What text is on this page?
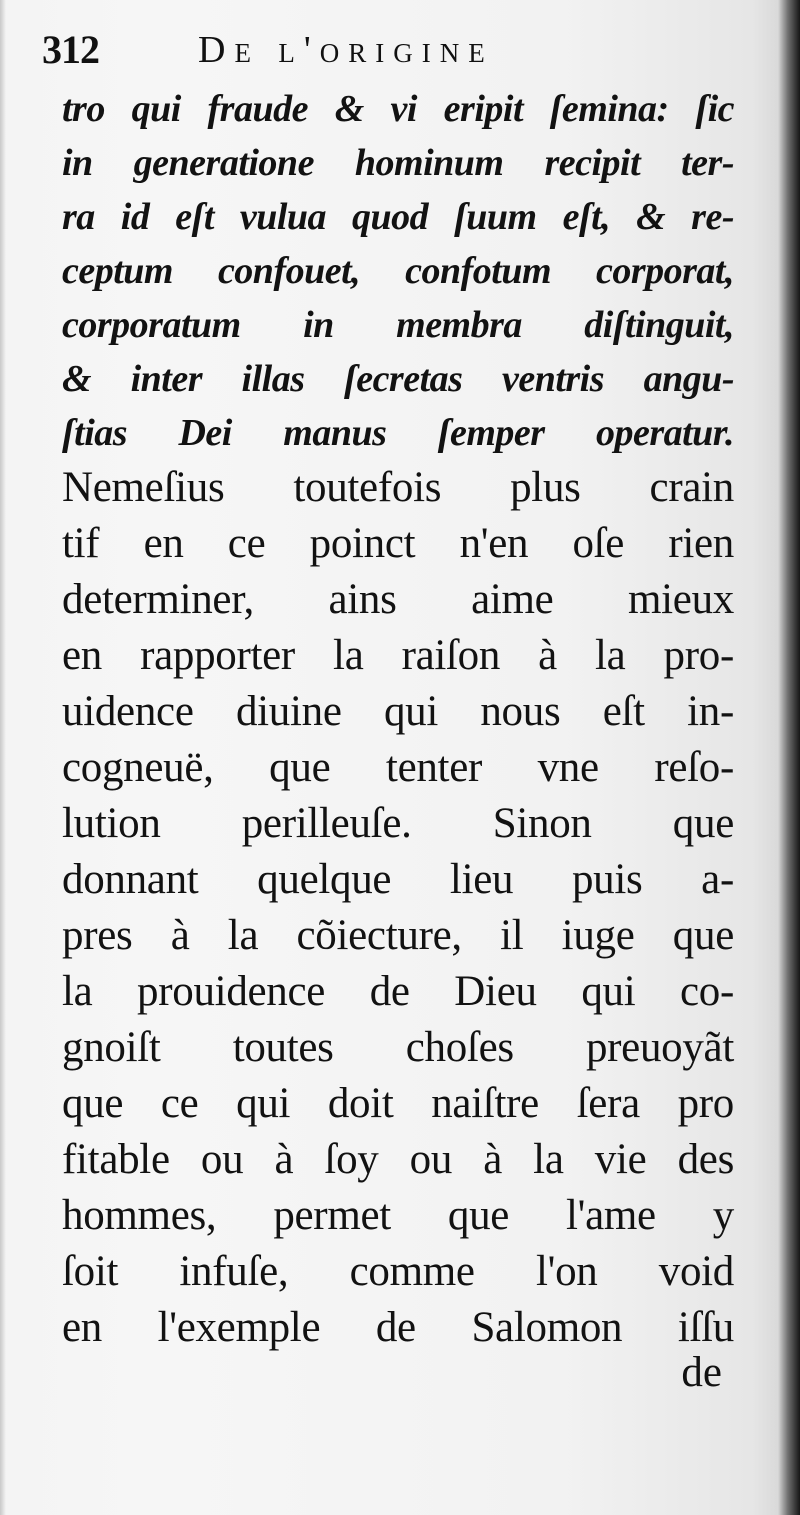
312	De l'origine
tro qui fraude & vi eripit ſemina: ſic
in generatione hominum recipit ter-
ra id eſt vulua quod ſuum eſt, & re-
ceptum confouet, confotum corporat,
corporatum in membra diſtinguit,
& inter illas ſecretas ventris angu-
ſtias Dei manus ſemper operatur.
Nemeſius toutefois plus crain
tif en ce poinct n'en oſe rien
determiner, ains aime mieux
en rapporter la raiſon à la pro-
uidence diuine qui nous eſt in-
cogneuë, que tenter vne reſo-
lution perilleuſe. Sinon que
donnant quelque lieu puis a-
pres à la cõiecture, il iuge que
la prouidence de Dieu qui co-
gnoiſt toutes choſes preuoyãt
que ce qui doit naiſtre ſera pro
fitable ou à ſoy ou à la vie des
hommes, permet que l'ame y
ſoit infuſe, comme l'on void
en l'exemple de Salomon iſſu
de
